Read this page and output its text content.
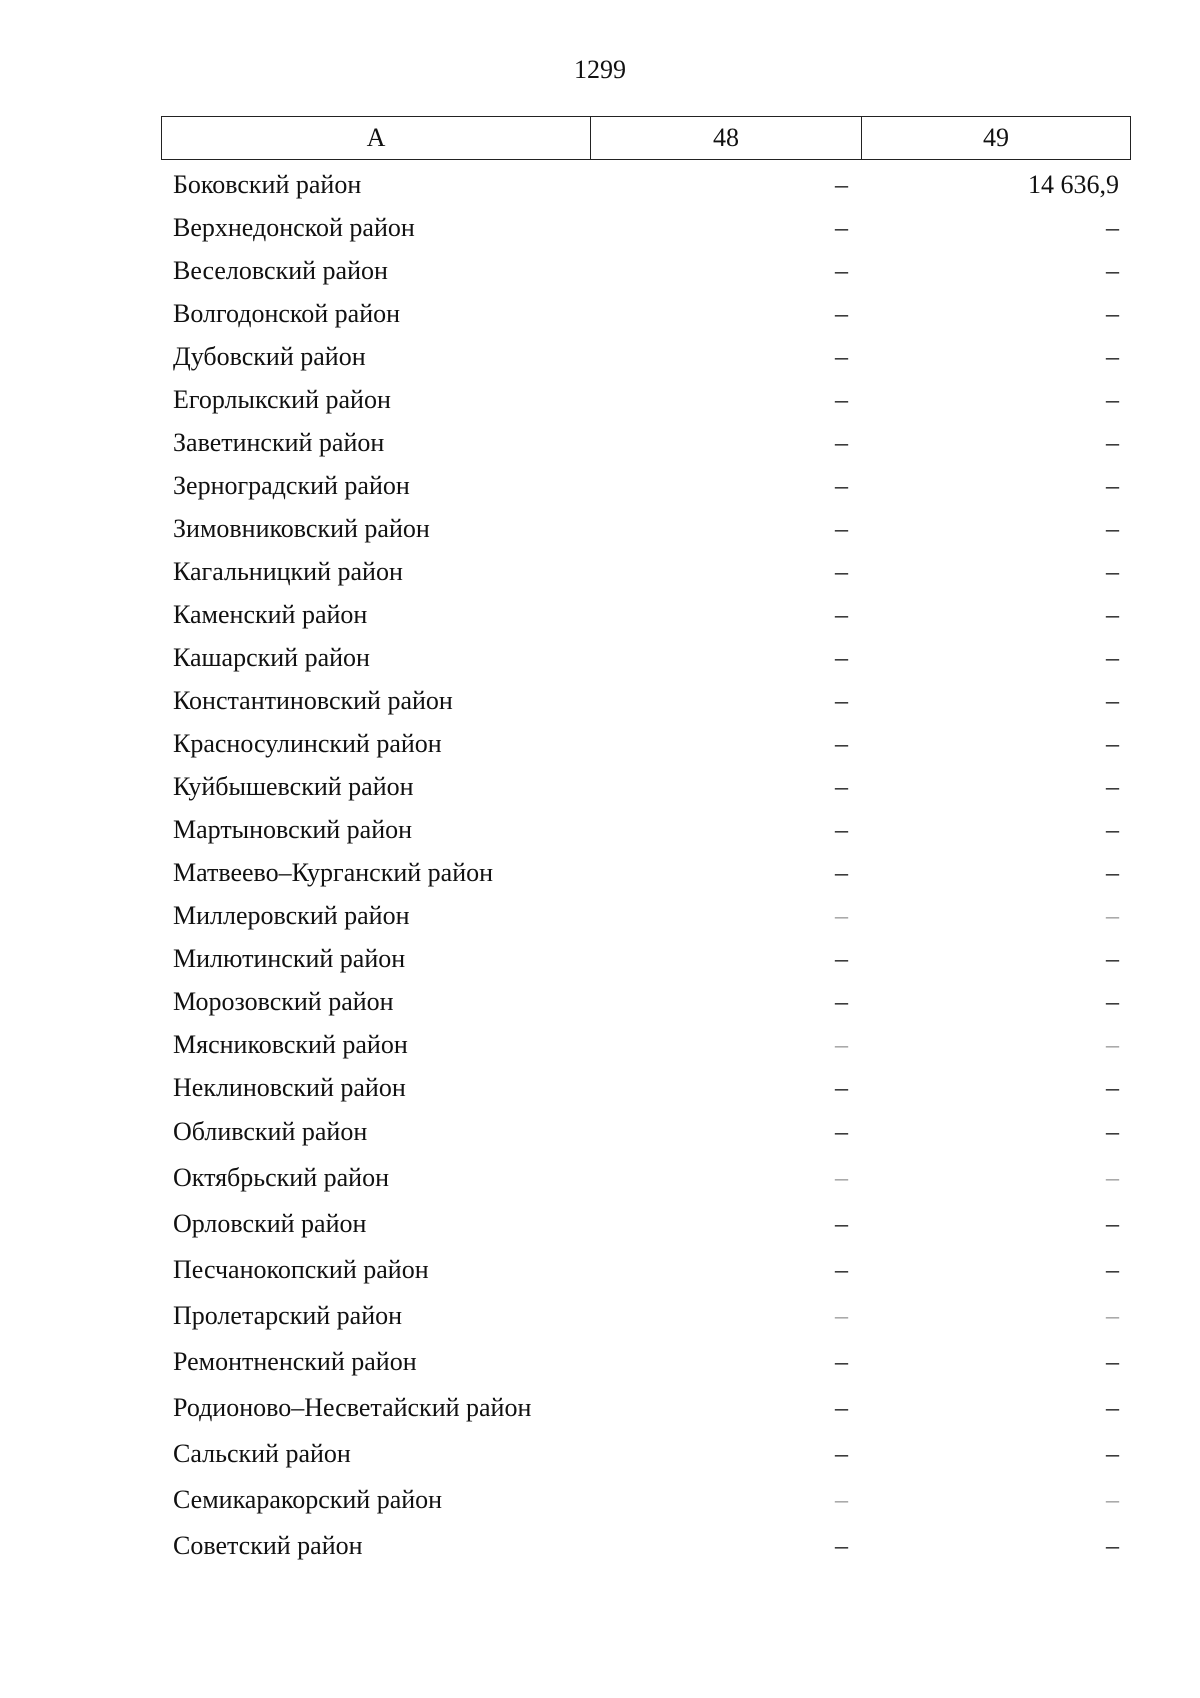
1299
А	48	49
Боковский район	–	14 636,9
Верхнедонской район	–	–
Веселовский район	–	–
Волгодонской район	–	–
Дубовский район	–	–
Егорлыкский район	–	–
Заветинский район	–	–
Зерноградский район	–	–
Зимовниковский район	–	–
Кагальницкий район	–	–
Каменский район	–	–
Кашарский район	–	–
Константиновский район	–	–
Красносулинский район	–	–
Куйбышевский район	–	–
Мартыновский район	–	–
Матвеево–Курганский район	–	–
Миллеровский район	–	–
Милютинский район	–	–
Морозовский район	–	–
Мясниковский район	–	–
Неклиновский район	–	–
Обливский район	–	–
Октябрьский район	–	–
Орловский район	–	–
Песчанокопский район	–	–
Пролетарский район	–	–
Ремонтненский район	–	–
Родионово–Несветайский район	–	–
Сальский район	–	–
Семикаракорский район	–	–
Советский район	–	–
